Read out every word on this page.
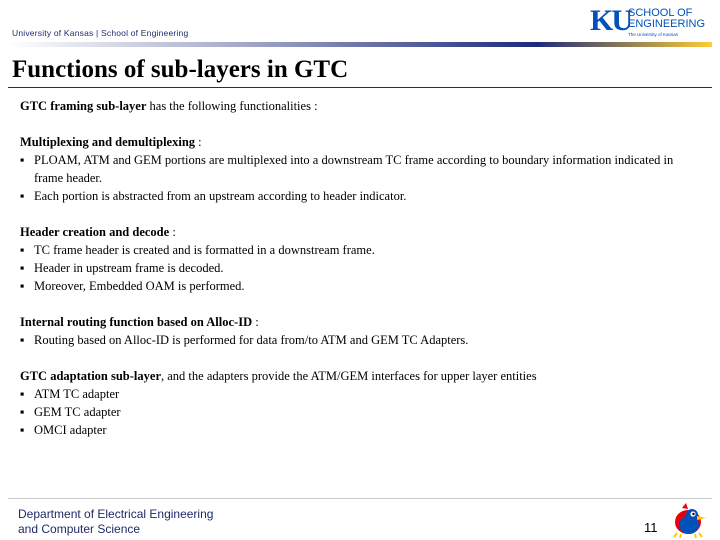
University of Kansas | School of Engineering	KU
SCHOOL OF
ENGINEERING
The University of Kansas
Functions of sub-layers in GTC

GTC framing sub-layer has the following functionalities :

Multiplexing and demultiplexing :

▪ PLOAM, ATM and GEM portions are multiplexed into a downstream TC frame according to boundary information indicated in frame header.
▪ Each portion is abstracted from an upstream according to header indicator.

Header creation and decode :

▪ TC frame header is created and is formatted in a downstream frame.
▪ Header in upstream frame is decoded.
▪ Moreover, Embedded OAM is performed.

Internal routing function based on Alloc-ID :

▪ Routing based on Alloc-ID is performed for data from/to ATM and GEM TC Adapters.

GTC adaptation sub-layer, and the adapters provide the ATM/GEM interfaces for upper layer entities

▪ ATM TC adapter
▪ GEM TC adapter
▪ OMCI adapter
Department of Electrical Engineering
and Computer Science	11
